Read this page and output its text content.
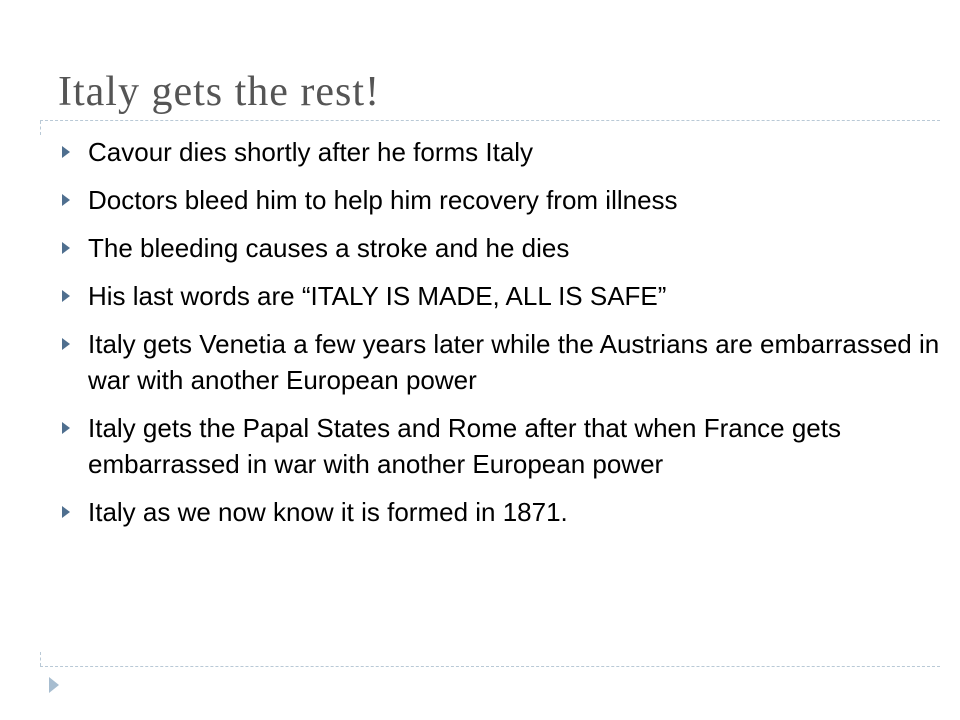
Italy gets the rest!
Cavour dies shortly after he forms Italy
Doctors bleed him to help him recovery from illness
The bleeding causes a stroke and he dies
His last words are “ITALY IS MADE, ALL IS SAFE”
Italy gets Venetia a few years later while the Austrians are embarrassed in war with another European power
Italy gets the Papal States and Rome after that when France gets embarrassed in war with another European power
Italy as we now know it is formed in 1871.
